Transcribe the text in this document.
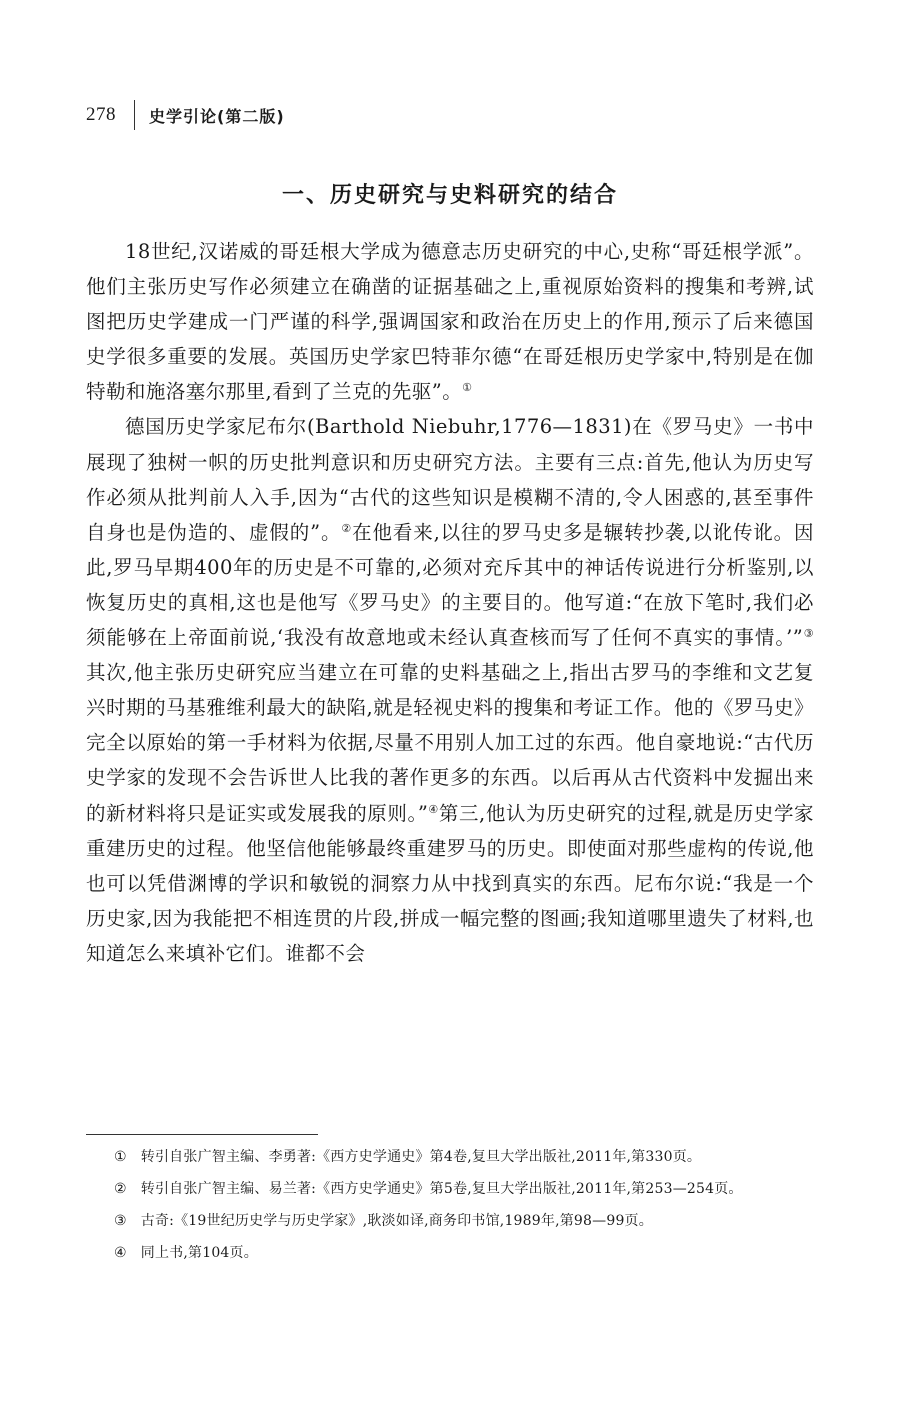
278 史学引论(第二版)
一、历史研究与史料研究的结合

18世纪,汉诺威的哥廷根大学成为德意志历史研究的中心,史称“哥廷根学派”。他们主张历史写作必须建立在确凿的证据基础之上,重视原始资料的搜集和考辨,试图把历史学建成一门严谨的科学,强调国家和政治在历史上的作用,预示了后来德国史学很多重要的发展。英国历史学家巴特菲尔德“在哥廷根历史学家中,特别是在伽特勒和施洛塞尔那里,看到了兰克的先驱”。①

德国历史学家尼布尔(Barthold Niebuhr,1776—1831)在《罗马史》一书中展现了独树一帜的历史批判意识和历史研究方法。主要有三点:首先,他认为历史写作必须从批判前人入手,因为“古代的这些知识是模糊不清的,令人困惑的,甚至事件自身也是伪造的、虚假的”。②在他看来,以往的罗马史多是辗转抄袭,以讹传讹。因此,罗马早期400年的历史是不可靠的,必须对充斥其中的神话传说进行分析鉴别,以恢复历史的真相,这也是他写《罗马史》的主要目的。他写道:“在放下笔时,我们必须能够在上帝面前说,‘我没有故意地或未经认真查核而写了任何不真实的事情。’”③其次,他主张历史研究应当建立在可靠的史料基础之上,指出古罗马的李维和文艺复兴时期的马基雅维利最大的缺陷,就是轻视史料的搜集和考证工作。他的《罗马史》完全以原始的第一手材料为依据,尽量不用别人加工过的东西。他自豪地说:“古代历史学家的发现不会告诉世人比我的著作更多的东西。以后再从古代资料中发掘出来的新材料将只是证实或发展我的原则。”④第三,他认为历史研究的过程,就是历史学家重建历史的过程。他坚信他能够最终重建罗马的历史。即使面对那些虚构的传说,他也可以凭借渊博的学识和敏锐的洞察力从中找到真实的东西。尼布尔说:“我是一个历史家,因为我能把不相连贯的片段,拼成一幅完整的图画;我知道哪里遗失了材料,也知道怎么来填补它们。谁都不会

① 转引自张广智主编、李勇著:《西方史学通史》第4卷,复旦大学出版社,2011年,第330页。

② 转引自张广智主编、易兰著:《西方史学通史》第5卷,复旦大学出版社,2011年,第253—254页。

③ 古奇:《19世纪历史学与历史学家》,耿淡如译,商务印书馆,1989年,第98—99页。

④ 同上书,第104页。
